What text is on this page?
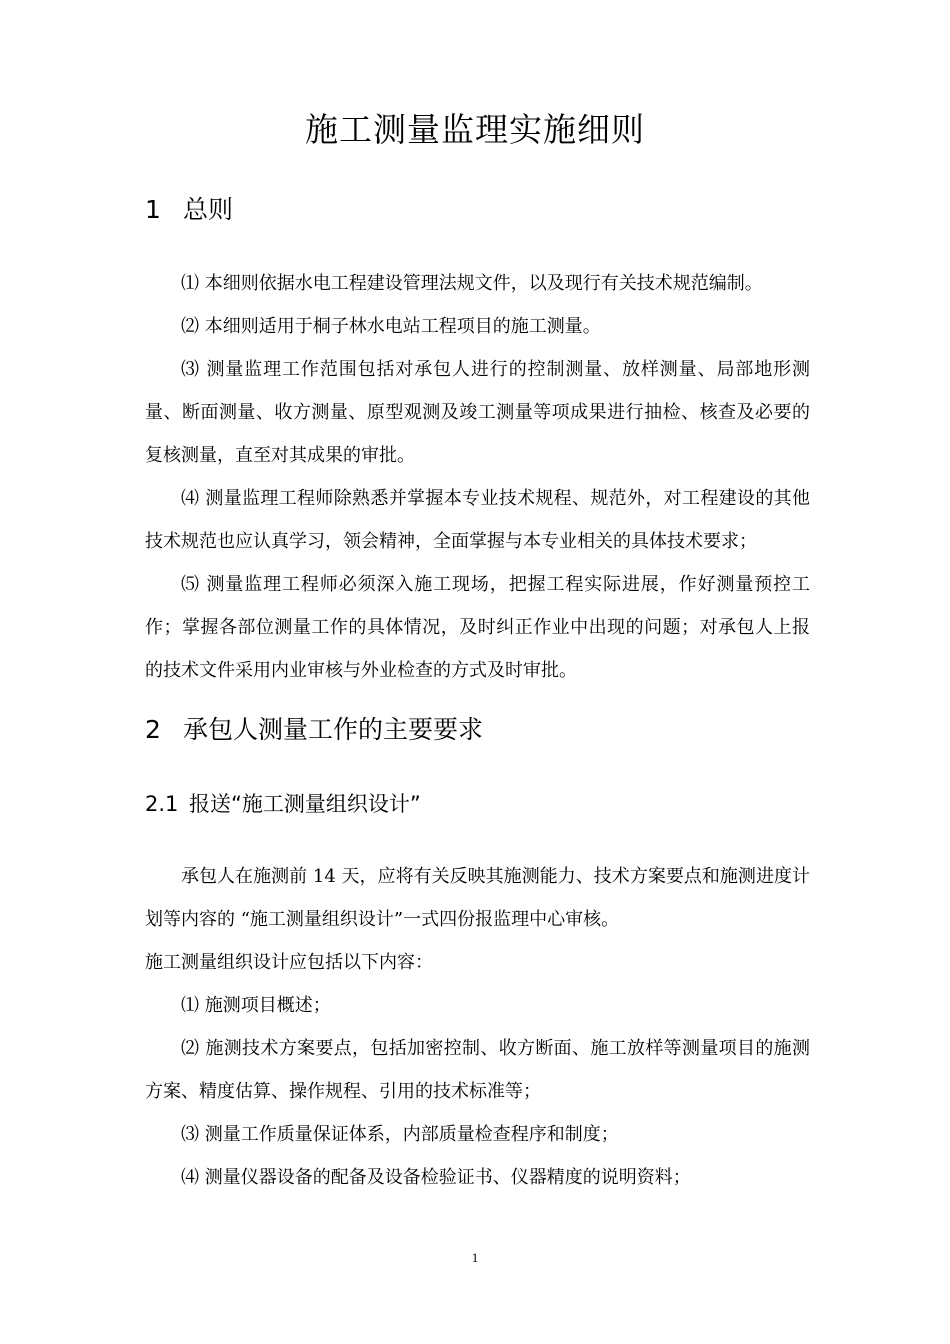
施工测量监理实施细则
1 总则
⑴ 本细则依据水电工程建设管理法规文件，以及现行有关技术规范编制。
⑵ 本细则适用于桐子林水电站工程项目的施工测量。
⑶ 测量监理工作范围包括对承包人进行的控制测量、放样测量、局部地形测量、断面测量、收方测量、原型观测及竣工测量等项成果进行抽检、核查及必要的复核测量，直至对其成果的审批。
⑷ 测量监理工程师除熟悉并掌握本专业技术规程、规范外，对工程建设的其他技术规范也应认真学习，领会精神，全面掌握与本专业相关的具体技术要求；
⑸ 测量监理工程师必须深入施工现场，把握工程实际进展，作好测量预控工作；掌握各部位测量工作的具体情况，及时纠正作业中出现的问题；对承包人上报的技术文件采用内业审核与外业检查的方式及时审批。
2 承包人测量工作的主要要求
2.1 报送“施工测量组织设计”
承包人在施测前 14 天，应将有关反映其施测能力、技术方案要点和施测进度计划等内容的 “施工测量组织设计”一式四份报监理中心审核。
施工测量组织设计应包括以下内容：
⑴ 施测项目概述；
⑵ 施测技术方案要点，包括加密控制、收方断面、施工放样等测量项目的施测方案、精度估算、操作规程、引用的技术标准等；
⑶ 测量工作质量保证体系，内部质量检查程序和制度；
⑷ 测量仪器设备的配备及设备检验证书、仪器精度的说明资料；
1
